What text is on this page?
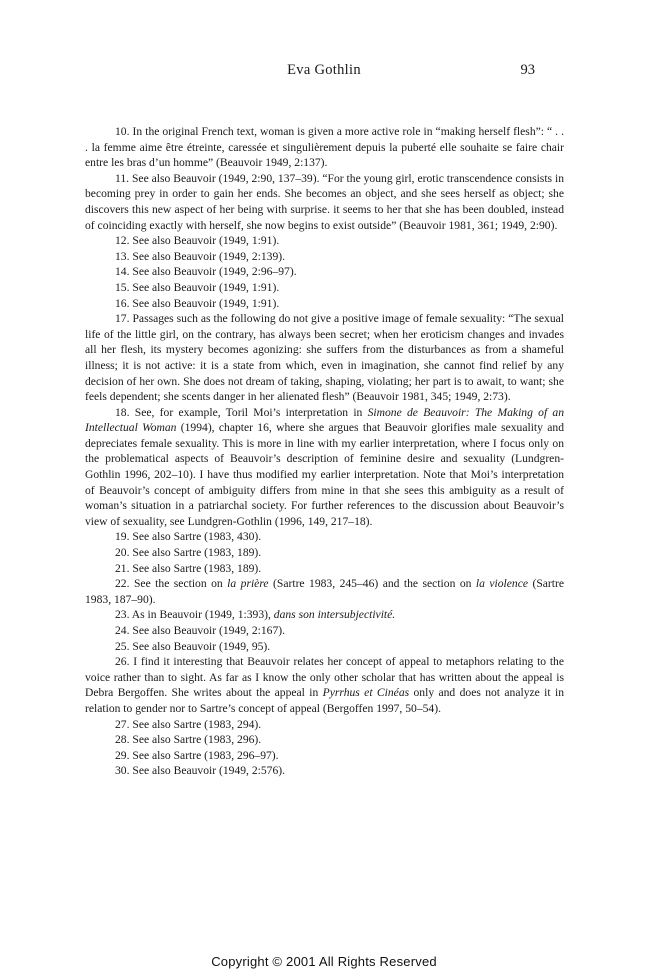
Eva Gothlin	93

10. In the original French text, woman is given a more active role in “making herself flesh”: “ . . . la femme aime être étreinte, caressée et singulièrement depuis la puberté elle souhaite se faire chair entre les bras d’un homme” (Beauvoir 1949, 2:137).

11. See also Beauvoir (1949, 2:90, 137–39). “For the young girl, erotic transcendence consists in becoming prey in order to gain her ends. She becomes an object, and she sees herself as object; she discovers this new aspect of her being with surprise. it seems to her that she has been doubled, instead of coinciding exactly with herself, she now begins to exist outside” (Beauvoir 1981, 361; 1949, 2:90).

12. See also Beauvoir (1949, 1:91).

13. See also Beauvoir (1949, 2:139).

14. See also Beauvoir (1949, 2:96–97).

15. See also Beauvoir (1949, 1:91).

16. See also Beauvoir (1949, 1:91).

17. Passages such as the following do not give a positive image of female sexuality: “The sexual life of the little girl, on the contrary, has always been secret; when her eroticism changes and invades all her flesh, its mystery becomes agonizing: she suffers from the disturbances as from a shameful illness; it is not active: it is a state from which, even in imagination, she cannot find relief by any decision of her own. She does not dream of taking, shaping, violating; her part is to await, to want; she feels dependent; she scents danger in her alienated flesh” (Beauvoir 1981, 345; 1949, 2:73).

18. See, for example, Toril Moi’s interpretation in Simone de Beauvoir: The Making of an Intellectual Woman (1994), chapter 16, where she argues that Beauvoir glorifies male sexuality and depreciates female sexuality. This is more in line with my earlier interpretation, where I focus only on the problematical aspects of Beauvoir’s description of feminine desire and sexuality (Lundgren-Gothlin 1996, 202–10). I have thus modified my earlier interpretation. Note that Moi’s interpretation of Beauvoir’s concept of ambiguity differs from mine in that she sees this ambiguity as a result of woman’s situation in a patriarchal society. For further references to the discussion about Beauvoir’s view of sexuality, see Lundgren-Gothlin (1996, 149, 217–18).

19. See also Sartre (1983, 430).

20. See also Sartre (1983, 189).

21. See also Sartre (1983, 189).

22. See the section on la prière (Sartre 1983, 245–46) and the section on la violence (Sartre 1983, 187–90).

23. As in Beauvoir (1949, 1:393), dans son intersubjectivité.

24. See also Beauvoir (1949, 2:167).

25. See also Beauvoir (1949, 95).

26. I find it interesting that Beauvoir relates her concept of appeal to metaphors relating to the voice rather than to sight. As far as I know the only other scholar that has written about the appeal is Debra Bergoffen. She writes about the appeal in Pyrrhus et Cinéas only and does not analyze it in relation to gender nor to Sartre’s concept of appeal (Bergoffen 1997, 50–54).

27. See also Sartre (1983, 294).

28. See also Sartre (1983, 296).

29. See also Sartre (1983, 296–97).

30. See also Beauvoir (1949, 2:576).

Copyright © 2001 All Rights Reserved
